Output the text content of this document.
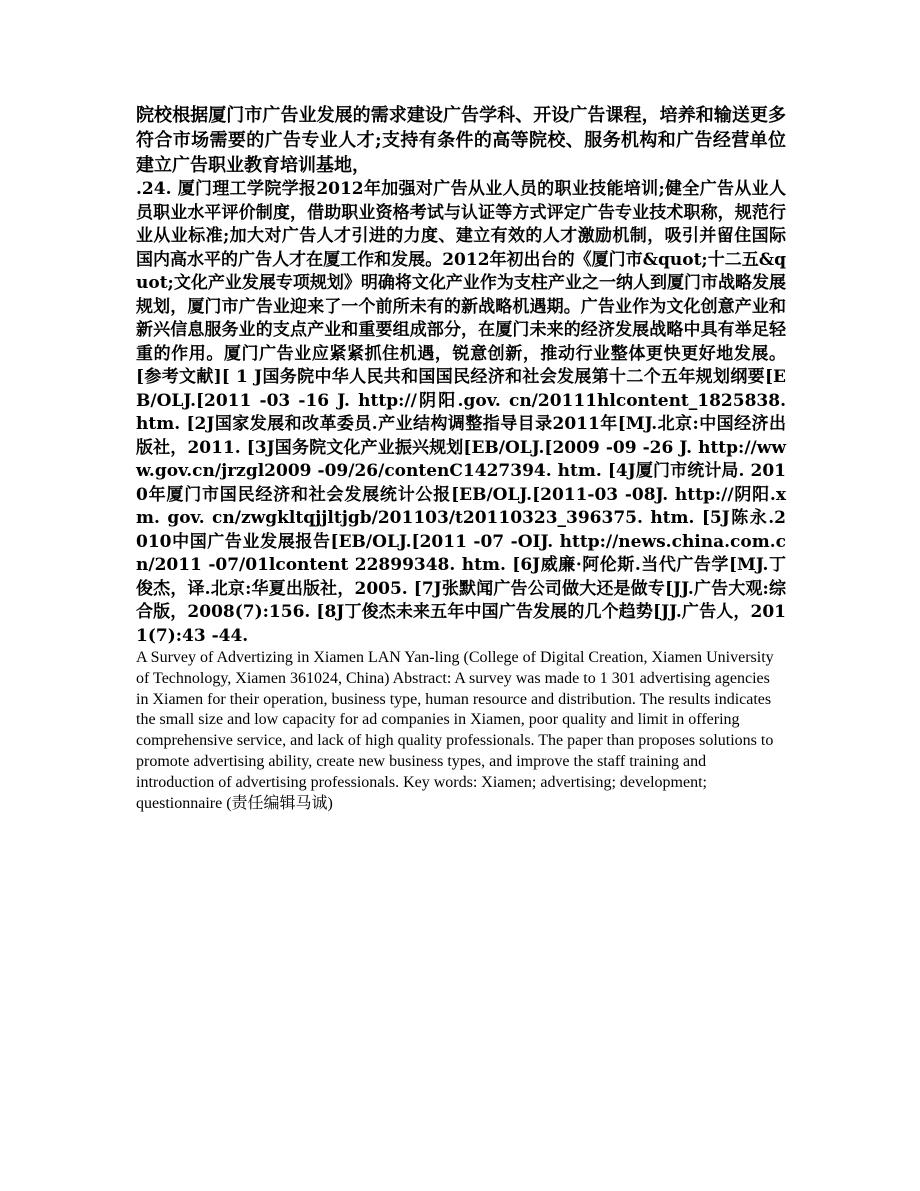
院校根据厦门市广告业发展的需求建设广告学科、开设广告课程，培养和输送更多符合市场需要的广告专业人才;支持有条件的高等院校、服务机构和广告经营单位建立广告职业教育培训基地，
.24. 厦门理工学院学报2012年加强对广告从业人员的职业技能培训;健全广告从业人员职业水平评价制度，借助职业资格考试与认证等方式评定广告专业技术职称，规范行业从业标准;加大对广告人才引进的力度、建立有效的人才激励机制，吸引并留住国际国内高水平的广告人才在厦工作和发展。2012年初出台的《厦门市&quot;十二五&quot;文化产业发展专项规划》明确将文化产业作为支柱产业之一纳人到厦门市战略发展规划，厦门市广告业迎来了一个前所未有的新战略机遇期。广告业作为文化创意产业和新兴信息服务业的支点产业和重要组成部分，在厦门未来的经济发展战略中具有举足轻重的作用。厦门广告业应紧紧抓住机遇，锐意创新，推动行业整体更快更好地发展。[参考文献][ 1 J国务院中华人民共和国国民经济和社会发展第十二个五年规划纲要[EB/OLJ.[2011 -03 -16 J. http://阴阳.gov. cn/20111hlcontent_1825838. htm. [2J国家发展和改革委员.产业结构调整指导目录2011年[MJ.北京:中国经济出版社，2011. [3J国务院文化产业振兴规划[EB/OLJ.[2009 -09 -26 J. http://www.gov.cn/jrzgl2009 -09/26/contenC1427394. htm. [4J厦门市统计局. 2010年厦门市国民经济和社会发展统计公报[EB/OLJ.[2011-03 -08J. http://阴阳.xm. gov. cn/zwgkltqjjltjgb/201103/t20110323_396375. htm. [5J陈永.2010中国广告业发展报告[EB/OLJ.[2011 -07 -OIJ. http://news.china.com.cn/2011 -07/01lcontent 22899348. htm. [6J威廉·阿伦斯.当代广告学[MJ.丁俊杰，译.北京:华夏出版社，2005. [7J张默闻广告公司做大还是做专[JJ.广告大观:综合版，2008(7):156. [8J丁俊杰未来五年中国广告发展的几个趋势[JJ.广告人，2011(7):43 -44.
A Survey of Advertizing in Xiamen LAN Yan-ling (College of Digital Creation, Xiamen University of Technology, Xiamen 361024, China) Abstract: A survey was made to 1 301 advertising agencies in Xiamen for their operation, business type, human resource and distribution. The results indicates the small size and low capacity for ad companies in Xiamen, poor quality and limit in offering comprehensive service, and lack of high quality professionals. The paper than proposes solutions to promote advertising ability, create new business types, and improve the staff training and introduction of advertising professionals. Key words: Xiamen; advertising; development; questionnaire (责任编辑马诚)
